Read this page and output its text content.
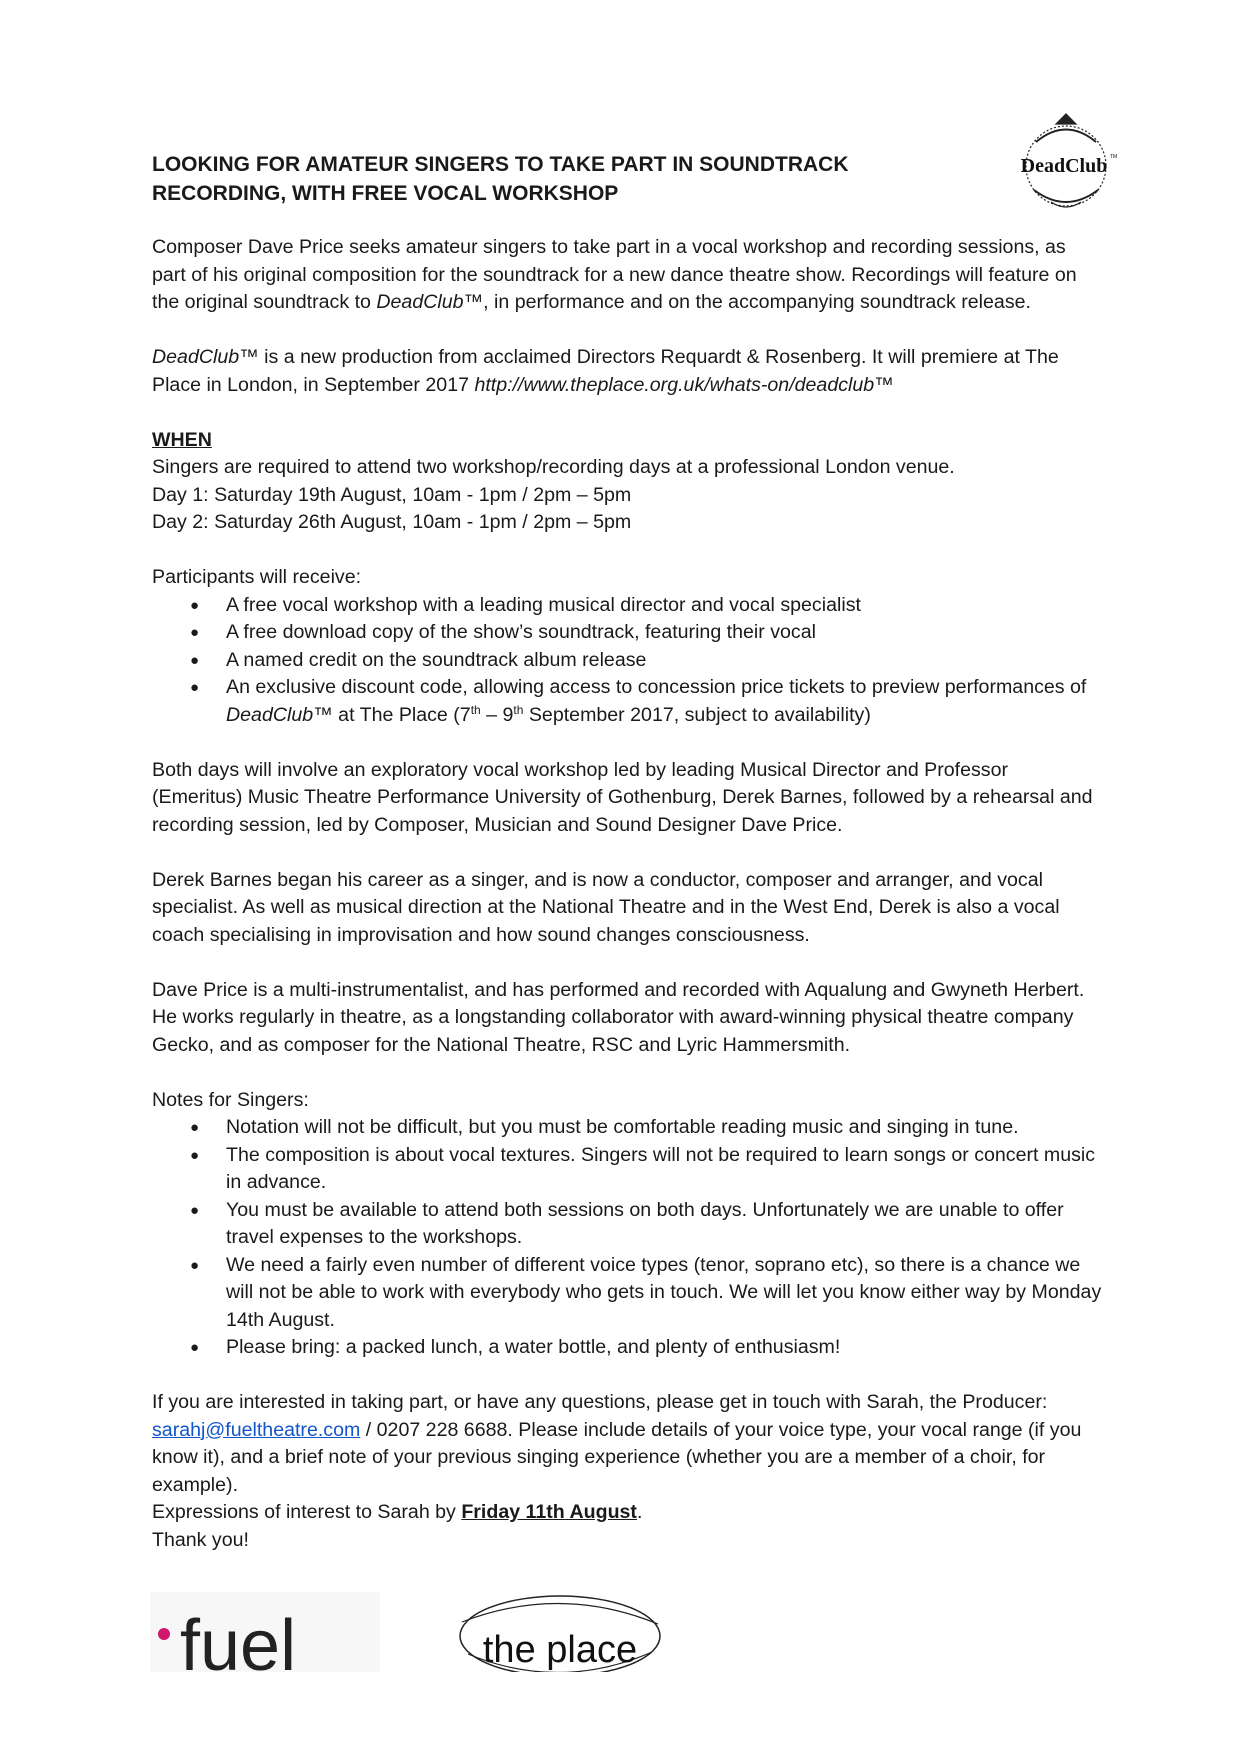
DeadClub TM
LOOKING FOR AMATEUR SINGERS TO TAKE PART IN SOUNDTRACK
RECORDING, WITH FREE VOCAL WORKSHOP

Composer Dave Price seeks amateur singers to take part in a vocal workshop and recording sessions, as part of his original composition for the soundtrack for a new dance theatre show. Recordings will feature on the original soundtrack to DeadClub™, in performance and on the accompanying soundtrack release.

DeadClub™ is a new production from acclaimed Directors Requardt & Rosenberg. It will premiere at The Place in London, in September 2017 http://www.theplace.org.uk/whats-on/deadclub™

WHEN

Singers are required to attend two workshop/recording days at a professional London venue.

Day 1: Saturday 19th August, 10am - 1pm / 2pm – 5pm

Day 2: Saturday 26th August, 10am - 1pm / 2pm – 5pm

Participants will receive:

● A free vocal workshop with a leading musical director and vocal specialist
● A free download copy of the show’s soundtrack, featuring their vocal
● A named credit on the soundtrack album release
● An exclusive discount code, allowing access to concession price tickets to preview performances of DeadClub™ at The Place (7th – 9th September 2017, subject to availability)

Both days will involve an exploratory vocal workshop led by leading Musical Director and Professor (Emeritus) Music Theatre Performance University of Gothenburg, Derek Barnes, followed by a rehearsal and recording session, led by Composer, Musician and Sound Designer Dave Price.

Derek Barnes began his career as a singer, and is now a conductor, composer and arranger, and vocal specialist. As well as musical direction at the National Theatre and in the West End, Derek is also a vocal coach specialising in improvisation and how sound changes consciousness.

Dave Price is a multi-instrumentalist, and has performed and recorded with Aqualung and Gwyneth Herbert. He works regularly in theatre, as a longstanding collaborator with award-winning physical theatre company Gecko, and as composer for the National Theatre, RSC and Lyric Hammersmith.

Notes for Singers:

● Notation will not be difficult, but you must be comfortable reading music and singing in tune.
● The composition is about vocal textures. Singers will not be required to learn songs or concert music in advance.
● You must be available to attend both sessions on both days. Unfortunately we are unable to offer travel expenses to the workshops.
● We need a fairly even number of different voice types (tenor, soprano etc), so there is a chance we will not be able to work with everybody who gets in touch. We will let you know either way by Monday 14th August.
● Please bring: a packed lunch, a water bottle, and plenty of enthusiasm!

If you are interested in taking part, or have any questions, please get in touch with Sarah, the Producer: sarahj@fueltheatre.com / 0207 228 6688. Please include details of your voice type, your vocal range (if you know it), and a brief note of your previous singing experience (whether you are a member of a choir, for example).

Expressions of interest to Sarah by Friday 11th August.

Thank you!

fuel	the place
